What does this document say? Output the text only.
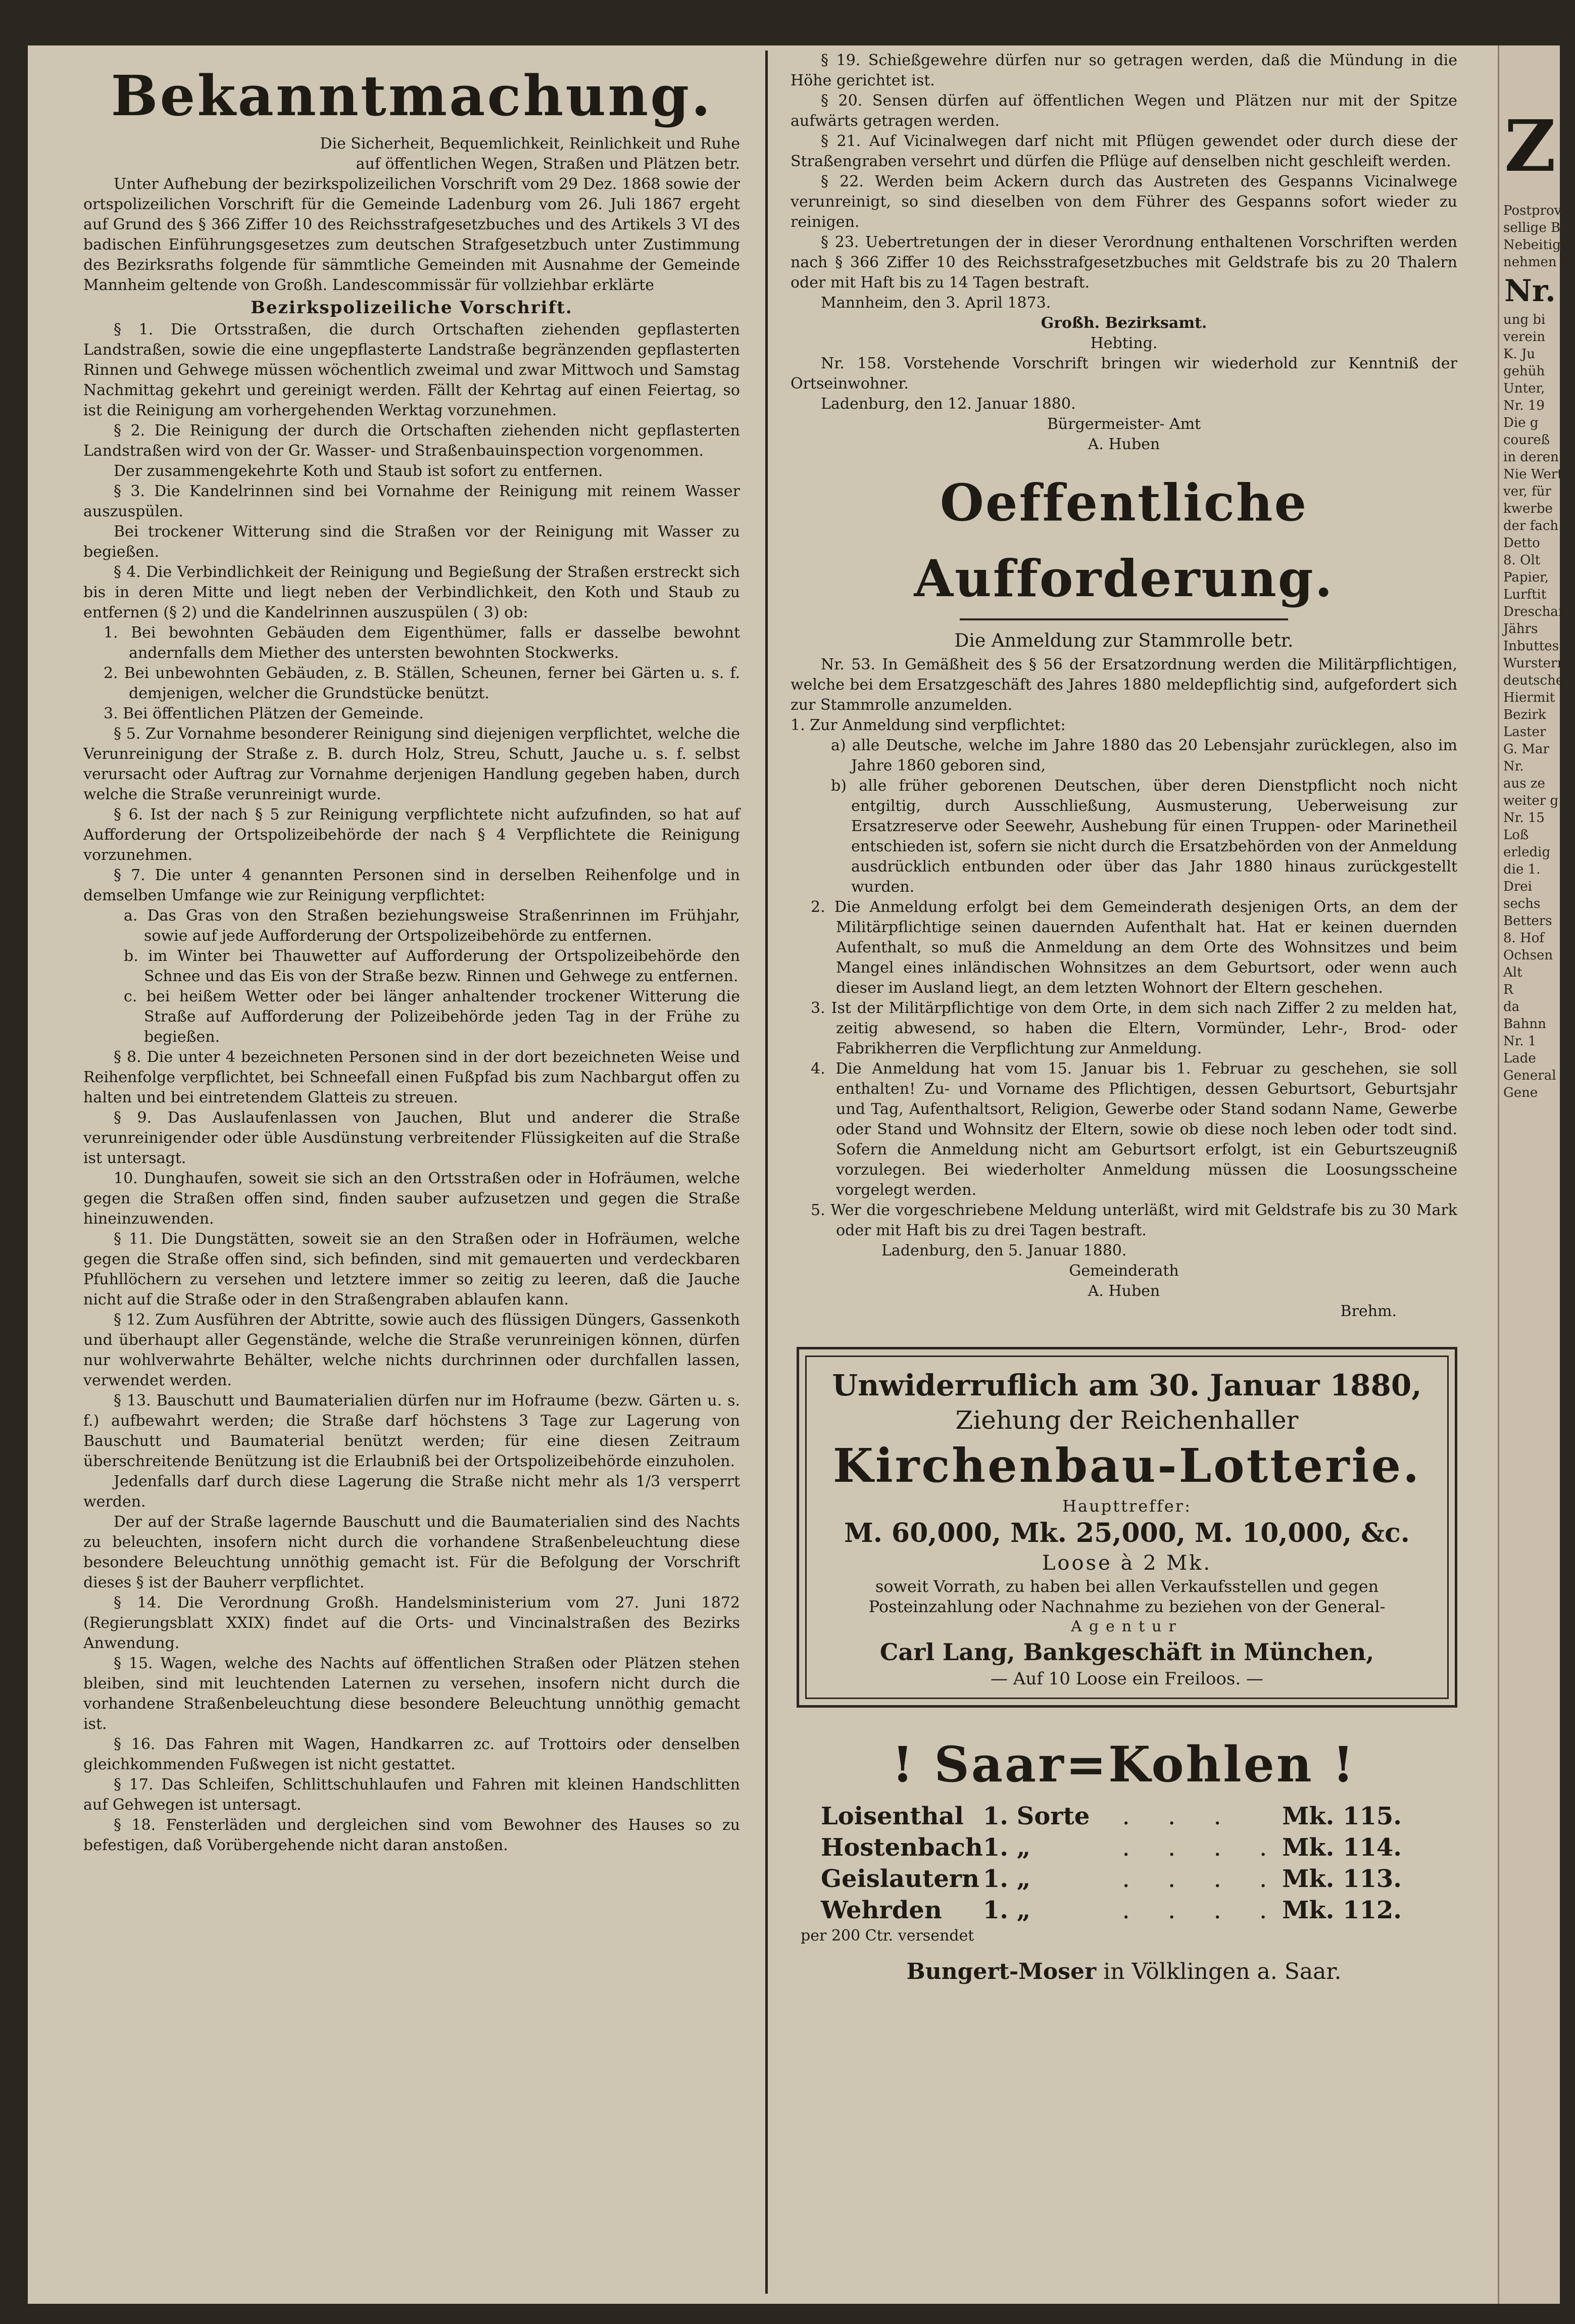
Z
Postprovi
sellige B
Nebeitiger
nehmen B
Nr.
ung bi
verein
K. Ju
gehüh
Unter,
Nr. 19
Die g
coureß
in deren
Nie Wert
ver, für
kwerbe
der fach
Detto
8. Olt
Papier,
Lurftit
Dreschar
Jährs
Inbuttes
Wurstern
deutsche
Hiermit
Bezirk
Laster
G. Mar
Nr.
aus ze
weiter g
Nr. 15
Loß
erledig
die 1.
Drei
sechs
Betters
8. Hof
Ochsen
Alt
R
da
Bahnn
Nr. 1
Lade
General
Gene
Bekanntmachung.

Die Sicherheit, Bequemlichkeit, Reinlichkeit und Ruhe

auf öffentlichen Wegen, Straßen und Plätzen betr.

Unter Aufhebung der bezirkspolizeilichen Vorschrift vom 29 Dez. 1868 sowie der ortspolizeilichen Vorschrift für die Gemeinde Ladenburg vom 26. Juli 1867 ergeht auf Grund des § 366 Ziffer 10 des Reichsstrafgesetzbuches und des Artikels 3 VI des badischen Einführungsgesetzes zum deutschen Strafgesetzbuch unter Zustimmung des Bezirksraths folgende für sämmtliche Gemeinden mit Ausnahme der Gemeinde Mannheim geltende von Großh. Landescommissär für vollziehbar erklärte

Bezirkspolizeiliche Vorschrift.

§ 1. Die Ortsstraßen, die durch Ortschaften ziehenden gepflasterten Landstraßen, sowie die eine ungepflasterte Landstraße begränzenden gepflasterten Rinnen und Gehwege müssen wöchentlich zweimal und zwar Mittwoch und Samstag Nachmittag gekehrt und gereinigt werden. Fällt der Kehrtag auf einen Feiertag, so ist die Reinigung am vorhergehenden Werktag vorzunehmen.

§ 2. Die Reinigung der durch die Ortschaften ziehenden nicht gepflasterten Landstraßen wird von der Gr. Wasser- und Straßenbauinspection vorgenommen.

Der zusammengekehrte Koth und Staub ist sofort zu entfernen.

§ 3. Die Kandelrinnen sind bei Vornahme der Reinigung mit reinem Wasser auszuspülen.

Bei trockener Witterung sind die Straßen vor der Reinigung mit Wasser zu begießen.

§ 4. Die Verbindlichkeit der Reinigung und Begießung der Straßen erstreckt sich bis in deren Mitte und liegt neben der Verbindlichkeit, den Koth und Staub zu entfernen (§ 2) und die Kandelrinnen auszuspülen ( 3) ob:

1. Bei bewohnten Gebäuden dem Eigenthümer, falls er dasselbe bewohnt andernfalls dem Miether des untersten bewohnten Stockwerks.

2. Bei unbewohnten Gebäuden, z. B. Ställen, Scheunen, ferner bei Gärten u. s. f. demjenigen, welcher die Grundstücke benützt.

3. Bei öffentlichen Plätzen der Gemeinde.

§ 5. Zur Vornahme besonderer Reinigung sind diejenigen verpflichtet, welche die Verunreinigung der Straße z. B. durch Holz, Streu, Schutt, Jauche u. s. f. selbst verursacht oder Auftrag zur Vornahme derjenigen Handlung gegeben haben, durch welche die Straße verunreinigt wurde.

§ 6. Ist der nach § 5 zur Reinigung verpflichtete nicht aufzufinden, so hat auf Aufforderung der Ortspolizeibehörde der nach § 4 Verpflichtete die Reinigung vorzunehmen.

§ 7. Die unter 4 genannten Personen sind in derselben Reihenfolge und in demselben Umfange wie zur Reinigung verpflichtet:

a. Das Gras von den Straßen beziehungsweise Straßenrinnen im Frühjahr, sowie auf jede Aufforderung der Ortspolizeibehörde zu entfernen.

b. im Winter bei Thauwetter auf Aufforderung der Ortspolizeibehörde den Schnee und das Eis von der Straße bezw. Rinnen und Gehwege zu entfernen.

c. bei heißem Wetter oder bei länger anhaltender trockener Witterung die Straße auf Aufforderung der Polizeibehörde jeden Tag in der Frühe zu begießen.

§ 8. Die unter 4 bezeichneten Personen sind in der dort bezeichneten Weise und Reihenfolge verpflichtet, bei Schneefall einen Fußpfad bis zum Nachbargut offen zu halten und bei eintretendem Glatteis zu streuen.

§ 9. Das Auslaufenlassen von Jauchen, Blut und anderer die Straße verunreinigender oder üble Ausdünstung verbreitender Flüssigkeiten auf die Straße ist untersagt.

10. Dunghaufen, soweit sie sich an den Ortsstraßen oder in Hofräumen, welche gegen die Straßen offen sind, finden sauber aufzusetzen und gegen die Straße hineinzuwenden.

§ 11. Die Dungstätten, soweit sie an den Straßen oder in Hofräumen, welche gegen die Straße offen sind, sich befinden, sind mit gemauerten und verdeckbaren Pfuhllöchern zu versehen und letztere immer so zeitig zu leeren, daß die Jauche nicht auf die Straße oder in den Straßengraben ablaufen kann.

§ 12. Zum Ausführen der Abtritte, sowie auch des flüssigen Düngers, Gassenkoth und überhaupt aller Gegenstände, welche die Straße verunreinigen können, dürfen nur wohlverwahrte Behälter, welche nichts durchrinnen oder durchfallen lassen, verwendet werden.

§ 13. Bauschutt und Baumaterialien dürfen nur im Hofraume (bezw. Gärten u. s. f.) aufbewahrt werden; die Straße darf höchstens 3 Tage zur Lagerung von Bauschutt und Baumaterial benützt werden; für eine diesen Zeitraum überschreitende Benützung ist die Erlaubniß bei der Ortspolizeibehörde einzuholen.

Jedenfalls darf durch diese Lagerung die Straße nicht mehr als 1/3 versperrt werden.

Der auf der Straße lagernde Bauschutt und die Baumaterialien sind des Nachts zu beleuchten, insofern nicht durch die vorhandene Straßenbeleuchtung diese besondere Beleuchtung unnöthig gemacht ist. Für die Befolgung der Vorschrift dieses § ist der Bauherr verpflichtet.

§ 14. Die Verordnung Großh. Handelsministerium vom 27. Juni 1872 (Regierungsblatt XXIX) findet auf die Orts- und Vincinalstraßen des Bezirks Anwendung.

§ 15. Wagen, welche des Nachts auf öffentlichen Straßen oder Plätzen stehen bleiben, sind mit leuchtenden Laternen zu versehen, insofern nicht durch die vorhandene Straßenbeleuchtung diese besondere Beleuchtung unnöthig gemacht ist.

§ 16. Das Fahren mit Wagen, Handkarren zc. auf Trottoirs oder denselben gleichkommenden Fußwegen ist nicht gestattet.

§ 17. Das Schleifen, Schlittschuhlaufen und Fahren mit kleinen Handschlitten auf Gehwegen ist untersagt.

§ 18. Fensterläden und dergleichen sind vom Bewohner des Hauses so zu befestigen, daß Vorübergehende nicht daran anstoßen.

§ 19. Schießgewehre dürfen nur so getragen werden, daß die Mündung in die Höhe gerichtet ist.

§ 20. Sensen dürfen auf öffentlichen Wegen und Plätzen nur mit der Spitze aufwärts getragen werden.

§ 21. Auf Vicinalwegen darf nicht mit Pflügen gewendet oder durch diese der Straßengraben versehrt und dürfen die Pflüge auf denselben nicht geschleift werden.

§ 22. Werden beim Ackern durch das Austreten des Gespanns Vicinalwege verunreinigt, so sind dieselben von dem Führer des Gespanns sofort wieder zu reinigen.

§ 23. Uebertretungen der in dieser Verordnung enthaltenen Vorschriften werden nach § 366 Ziffer 10 des Reichsstrafgesetzbuches mit Geldstrafe bis zu 20 Thalern oder mit Haft bis zu 14 Tagen bestraft.

Mannheim, den 3. April 1873.

Großh. Bezirksamt.

Hebting.

Nr. 158. Vorstehende Vorschrift bringen wir wiederhold zur Kenntniß der Ortseinwohner.

Ladenburg, den 12. Januar 1880.

Bürgermeister- Amt

A. Huben

Oeffentliche Aufforderung.

Die Anmeldung zur Stammrolle betr.

Nr. 53. In Gemäßheit des § 56 der Ersatzordnung werden die Militärpflichtigen, welche bei dem Ersatzgeschäft des Jahres 1880 meldepflichtig sind, aufgefordert sich zur Stammrolle anzumelden.

1. Zur Anmeldung sind verpflichtet:

a) alle Deutsche, welche im Jahre 1880 das 20 Lebensjahr zurücklegen, also im Jahre 1860 geboren sind,

b) alle früher geborenen Deutschen, über deren Dienstpflicht noch nicht entgiltig, durch Ausschließung, Ausmusterung, Ueberweisung zur Ersatzreserve oder Seewehr, Aushebung für einen Truppen- oder Marinetheil entschieden ist, sofern sie nicht durch die Ersatzbehörden von der Anmeldung ausdrücklich entbunden oder über das Jahr 1880 hinaus zurückgestellt wurden.

2. Die Anmeldung erfolgt bei dem Gemeinderath desjenigen Orts, an dem der Militärpflichtige seinen dauernden Aufenthalt hat. Hat er keinen duernden Aufenthalt, so muß die Anmeldung an dem Orte des Wohnsitzes und beim Mangel eines inländischen Wohnsitzes an dem Geburtsort, oder wenn auch dieser im Ausland liegt, an dem letzten Wohnort der Eltern geschehen.

3. Ist der Militärpflichtige von dem Orte, in dem sich nach Ziffer 2 zu melden hat, zeitig abwesend, so haben die Eltern, Vormünder, Lehr-, Brod- oder Fabrikherren die Verpflichtung zur Anmeldung.

4. Die Anmeldung hat vom 15. Januar bis 1. Februar zu geschehen, sie soll enthalten! Zu- und Vorname des Pflichtigen, dessen Geburtsort, Geburtsjahr und Tag, Aufenthaltsort, Religion, Gewerbe oder Stand sodann Name, Gewerbe oder Stand und Wohnsitz der Eltern, sowie ob diese noch leben oder todt sind. Sofern die Anmeldung nicht am Geburtsort erfolgt, ist ein Geburtszeugniß vorzulegen. Bei wiederholter Anmeldung müssen die Loosungsscheine vorgelegt werden.

5. Wer die vorgeschriebene Meldung unterläßt, wird mit Geldstrafe bis zu 30 Mark oder mit Haft bis zu drei Tagen bestraft.

Ladenburg, den 5. Januar 1880.

Gemeinderath

A. Huben

Brehm.

Unwiderruflich am 30. Januar 1880,
Ziehung der Reichenhaller
Kirchenbau-Lotterie.
Haupttreffer:
M. 60,000, Mk. 25,000, M. 10,000, &c.
Loose à 2 Mk.
soweit Vorrath, zu haben bei allen Verkaufsstellen und gegen Posteinzahlung oder Nachnahme zu beziehen von der General-
Agentur
Carl Lang, Bankgeschäft in München,
— Auf 10 Loose ein Freiloos. —
! Saar=Kohlen !
Loisenthal	1. Sorte	. . .	Mk. 115.
Hostenbach	1. „	. . . .	Mk. 114.
Geislautern	1. „	. . . .	Mk. 113.
Wehrden	1. „	. . . .	Mk. 112.
per 200 Ctr. versendet
Bungert-Moser in Völklingen a. Saar.
